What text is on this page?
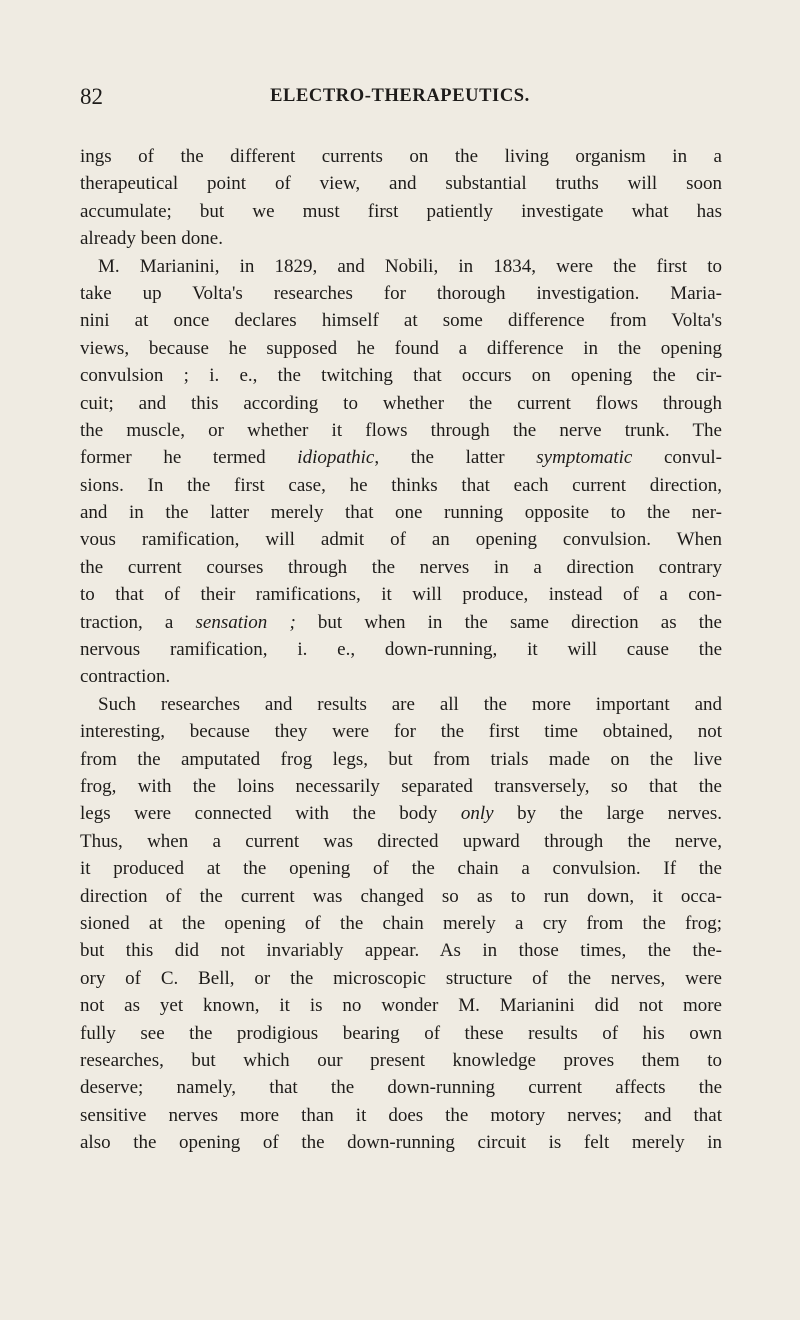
82	ELECTRO-THERAPEUTICS.
ings of the different currents on the living organism in a
therapeutical point of view, and substantial truths will soon
accumulate; but we must first patiently investigate what has
already been done.
M. Marianini, in 1829, and Nobili, in 1834, were the first to
take up Volta's researches for thorough investigation. Maria-
nini at once declares himself at some difference from Volta's
views, because he supposed he found a difference in the opening
convulsion ; i. e., the twitching that occurs on opening the cir-
cuit; and this according to whether the current flows through
the muscle, or whether it flows through the nerve trunk. The
former he termed idiopathic, the latter symptomatic convul-
sions. In the first case, he thinks that each current direction,
and in the latter merely that one running opposite to the ner-
vous ramification, will admit of an opening convulsion. When
the current courses through the nerves in a direction contrary
to that of their ramifications, it will produce, instead of a con-
traction, a sensation ; but when in the same direction as the
nervous ramification, i. e., down-running, it will cause the
contraction.
Such researches and results are all the more important and
interesting, because they were for the first time obtained, not
from the amputated frog legs, but from trials made on the live
frog, with the loins necessarily separated transversely, so that the
legs were connected with the body only by the large nerves.
Thus, when a current was directed upward through the nerve,
it produced at the opening of the chain a convulsion. If the
direction of the current was changed so as to run down, it occa-
sioned at the opening of the chain merely a cry from the frog;
but this did not invariably appear. As in those times, the the-
ory of C. Bell, or the microscopic structure of the nerves, were
not as yet known, it is no wonder M. Marianini did not more
fully see the prodigious bearing of these results of his own
researches, but which our present knowledge proves them to
deserve; namely, that the down-running current affects the
sensitive nerves more than it does the motory nerves; and that
also the opening of the down-running circuit is felt merely in
